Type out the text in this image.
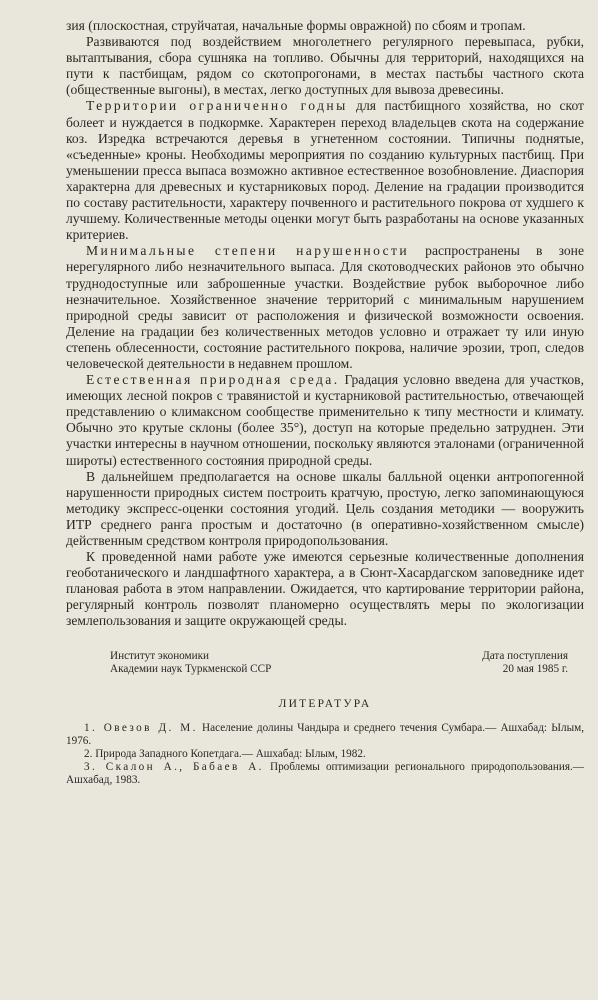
зия (плоскостная, струйчатая, начальные формы овражной) по сбоям и тропам.

Развиваются под воздействием многолетнего регулярного перевыпаса, рубки, вытаптывания, сбора сушняка на топливо. Обычны для территорий, находящихся на пути к пастбищам, рядом со скотопрогонами, в местах пастьбы частного скота (общественные выгоны), в местах, легко доступных для вывоза древесины.

Территории ограниченно годны для пастбищного хозяйства, но скот болеет и нуждается в подкормке. Характерен переход владельцев скота на содержание коз. Изредка встречаются деревья в угнетенном состоянии. Типичны поднятые, «съеденные» кроны. Необходимы мероприятия по созданию культурных пастбищ. При уменьшении пресса выпаса возможно активное естественное возобновление. Диаспория характерна для древесных и кустарниковых пород. Деление на градации производится по составу растительности, характеру почвенного и растительного покрова от худшего к лучшему. Количественные методы оценки могут быть разработаны на основе указанных критериев.

Минимальные степени нарушенности распространены в зоне нерегулярного либо незначительного выпаса. Для скотоводческих районов это обычно труднодоступные или заброшенные участки. Воздействие рубок выборочное либо незначительное. Хозяйственное значение территорий с минимальным нарушением природной среды зависит от расположения и физической возможности освоения. Деление на градации без количественных методов условно и отражает ту или иную степень облесенности, состояние растительного покрова, наличие эрозии, троп, следов человеческой деятельности в недавнем прошлом.

Естественная природная среда. Градация условно введена для участков, имеющих лесной покров с травянистой и кустарниковой растительностью, отвечающей представлению о климаксном сообществе применительно к типу местности и климату. Обычно это крутые склоны (более 35°), доступ на которые предельно затруднен. Эти участки интересны в научном отношении, поскольку являются эталонами (ограниченной широты) естественного состояния природной среды.

В дальнейшем предполагается на основе шкалы балльной оценки антропогенной нарушенности природных систем построить кратчую, простую, легко запоминающуюся методику экспресс-оценки состояния угодий. Цель создания методики — вооружить ИТР среднего ранга простым и достаточно (в оперативно-хозяйственном смысле) действенным средством контроля природопользования.

К проведенной нами работе уже имеются серьезные количественные дополнения геоботанического и ландшафтного характера, а в Сюнт-Хасардагском заповеднике идет плановая работа в этом направлении. Ожидается, что картирование территории района, регулярный контроль позволят планомерно осуществлять меры по экологизации землепользования и защите окружающей среды.

Институт экономики
Академии наук Туркменской ССР
Дата поступления
20 мая 1985 г.
ЛИТЕРАТУРА

1. Овезов Д. М. Население долины Чандыра и среднего течения Сумбара.— Ашхабад: Ылым, 1976.

2. Природа Западного Копетдага.— Ашхабад: Ылым, 1982.

3. Скалон А., Бабаев А. Проблемы оптимизации регионального природопользования.— Ашхабад, 1983.
